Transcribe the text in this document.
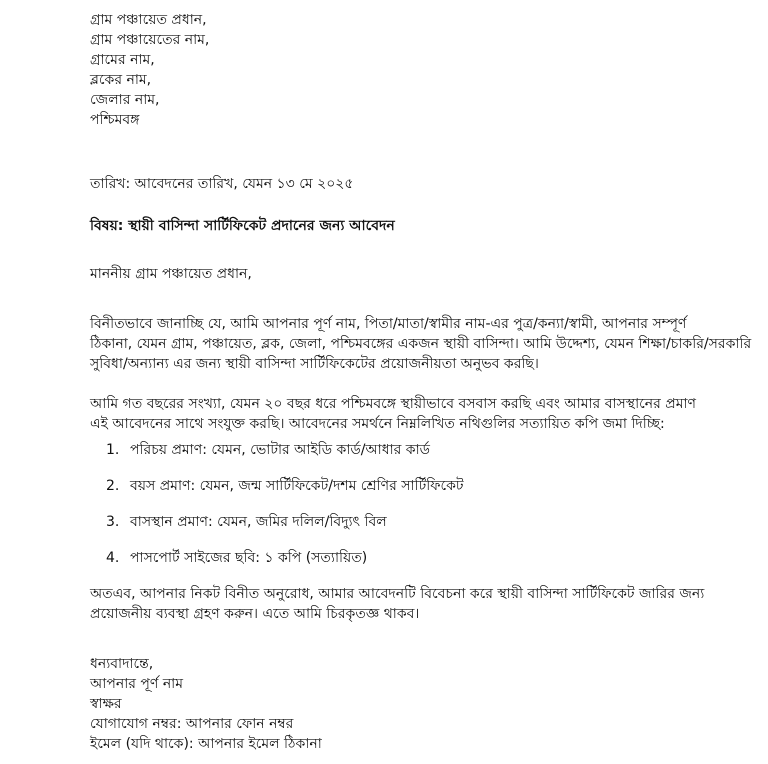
গ্রাম পঞ্চায়েত প্রধান,
গ্রাম পঞ্চায়েতের নাম,
গ্রামের নাম,
ব্লকের নাম,
জেলার নাম,
পশ্চিমবঙ্গ
তারিখ: আবেদনের তারিখ, যেমন ১৩ মে ২০২৫
বিষয়: স্থায়ী বাসিন্দা সার্টিফিকেট প্রদানের জন্য আবেদন
মাননীয় গ্রাম পঞ্চায়েত প্রধান,
বিনীতভাবে জানাচ্ছি যে, আমি আপনার পূর্ণ নাম, পিতা/মাতা/স্বামীর নাম-এর পুত্র/কন্যা/স্বামী, আপনার সম্পূর্ণ
ঠিকানা, যেমন গ্রাম, পঞ্চায়েত, ব্লক, জেলা, পশ্চিমবঙ্গের একজন স্থায়ী বাসিন্দা। আমি উদ্দেশ্য, যেমন শিক্ষা/চাকরি/সরকারি
সুবিধা/অন্যান্য এর জন্য স্থায়ী বাসিন্দা সার্টিফিকেটের প্রয়োজনীয়তা অনুভব করছি।
আমি গত বছরের সংখ্যা, যেমন ২০ বছর ধরে পশ্চিমবঙ্গে স্থায়ীভাবে বসবাস করছি এবং আমার বাসস্থানের প্রমাণ
এই আবেদনের সাথে সংযুক্ত করছি। আবেদনের সমর্থনে নিম্নলিখিত নথিগুলির সত্যায়িত কপি জমা দিচ্ছি:
1. পরিচয় প্রমাণ: যেমন, ভোটার আইডি কার্ড/আধার কার্ড
2. বয়স প্রমাণ: যেমন, জন্ম সার্টিফিকেট/দশম শ্রেণির সার্টিফিকেট
3. বাসস্থান প্রমাণ: যেমন, জমির দলিল/বিদ্যুৎ বিল
4. পাসপোর্ট সাইজের ছবি: ১ কপি (সত্যায়িত)
অতএব, আপনার নিকট বিনীত অনুরোধ, আমার আবেদনটি বিবেচনা করে স্থায়ী বাসিন্দা সার্টিফিকেট জারির জন্য
প্রয়োজনীয় ব্যবস্থা গ্রহণ করুন। এতে আমি চিরকৃতজ্ঞ থাকব।
ধন্যবাদান্তে,
আপনার পূর্ণ নাম
স্বাক্ষর
যোগাযোগ নম্বর: আপনার ফোন নম্বর
ইমেল (যদি থাকে): আপনার ইমেল ঠিকানা
